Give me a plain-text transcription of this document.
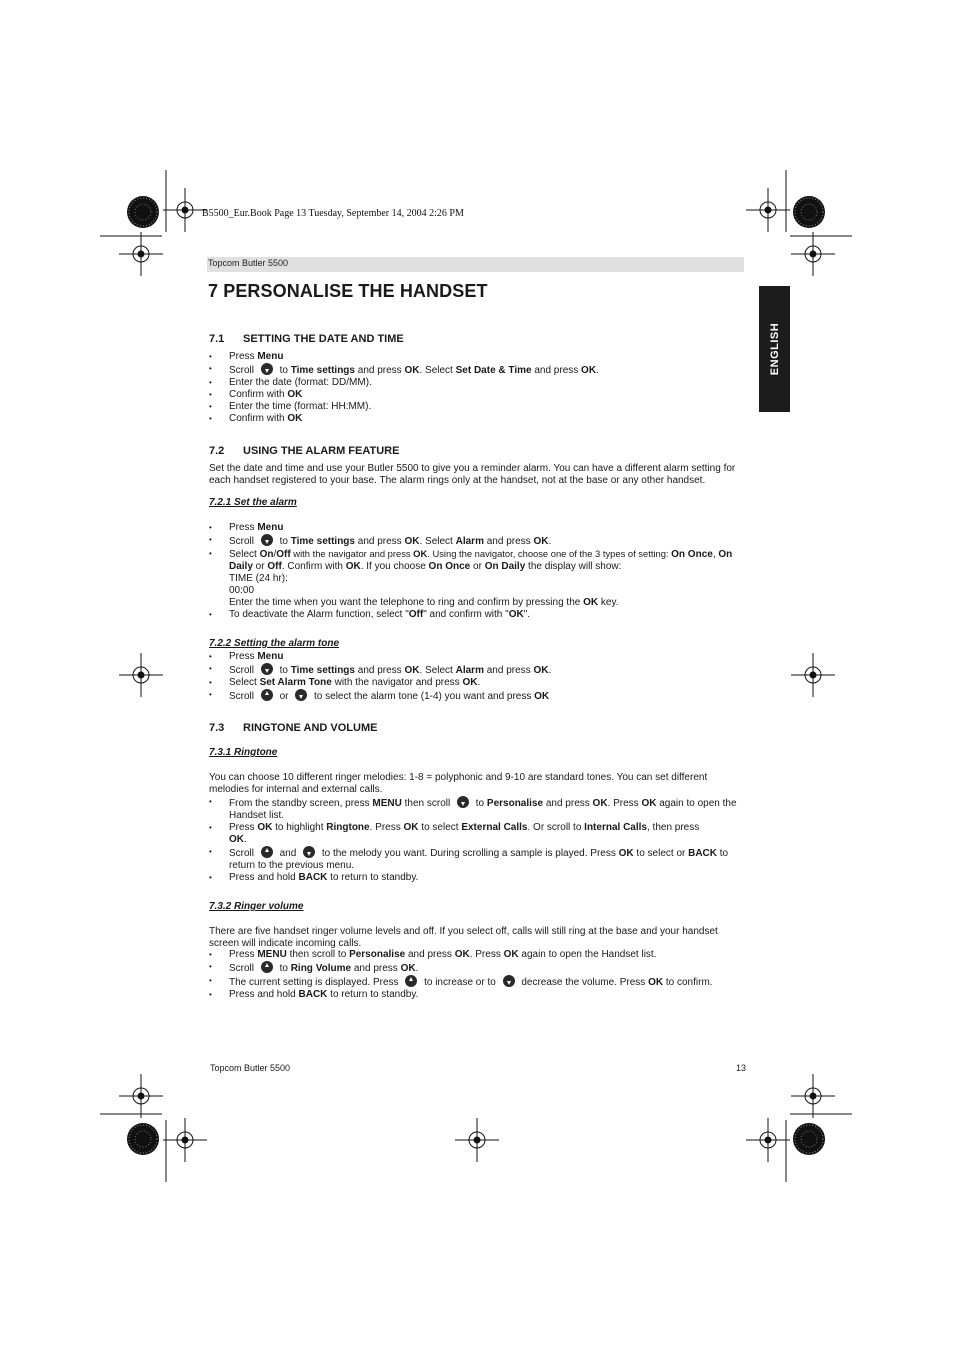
B5500_Eur.Book Page 13 Tuesday, September 14, 2004 2:26 PM
Topcom Butler 5500
7 PERSONALISE THE HANDSET
ENGLISH
7.1 SETTING THE DATE AND TIME
• Press Menu
• Scroll  to Time settings and press OK. Select Set Date & Time and press OK.
• Enter the date (format: DD/MM).
• Confirm with OK
• Enter the time (format: HH:MM).
• Confirm with OK
7.2 USING THE ALARM FEATURE

Set the date and time and use your Butler 5500 to give you a reminder alarm. You can have a different alarm setting for each handset registered to your base. The alarm rings only at the handset, not at the base or any other handset.

7.2.1 Set the alarm
• Press Menu
• Scroll  to Time settings and press OK. Select Alarm and press OK.
• Select On/Off with the navigator and press OK. Using the navigator, choose one of the 3 types of setting: On Once, On Daily or Off. Confirm with OK. If you choose On Once or On Daily the display will show:
TIME (24 hr):
00:00
Enter the time when you want the telephone to ring and confirm by pressing the OK key.
• To deactivate the Alarm function, select "Off" and confirm with "OK".
7.2.2 Setting the alarm tone
• Press Menu
• Scroll  to Time settings and press OK. Select Alarm and press OK.
• Select Set Alarm Tone with the navigator and press OK.
• Scroll  or  to select the alarm tone (1-4) you want and press OK
7.3 RINGTONE AND VOLUME
7.3.1 Ringtone

You can choose 10 different ringer melodies: 1-8 = polyphonic and 9-10 are standard tones. You can set different melodies for internal and external calls.

• From the standby screen, press MENU then scroll  to Personalise and press OK. Press OK again to open the Handset list.
• Press OK to highlight Ringtone. Press OK to select External Calls. Or scroll to Internal Calls, then press
OK.
• Scroll  and  to the melody you want. During scrolling a sample is played. Press OK to select or BACK to return to the previous menu.
• Press and hold BACK to return to standby.
7.3.2 Ringer volume

There are five handset ringer volume levels and off. If you select off, calls will still ring at the base and your handset screen will indicate incoming calls.

• Press MENU then scroll to Personalise and press OK. Press OK again to open the Handset list.
• Scroll  to Ring Volume and press OK.
• The current setting is displayed. Press  to increase or to  decrease the volume. Press OK to confirm.
• Press and hold BACK to return to standby.
Topcom Butler 5500	13
